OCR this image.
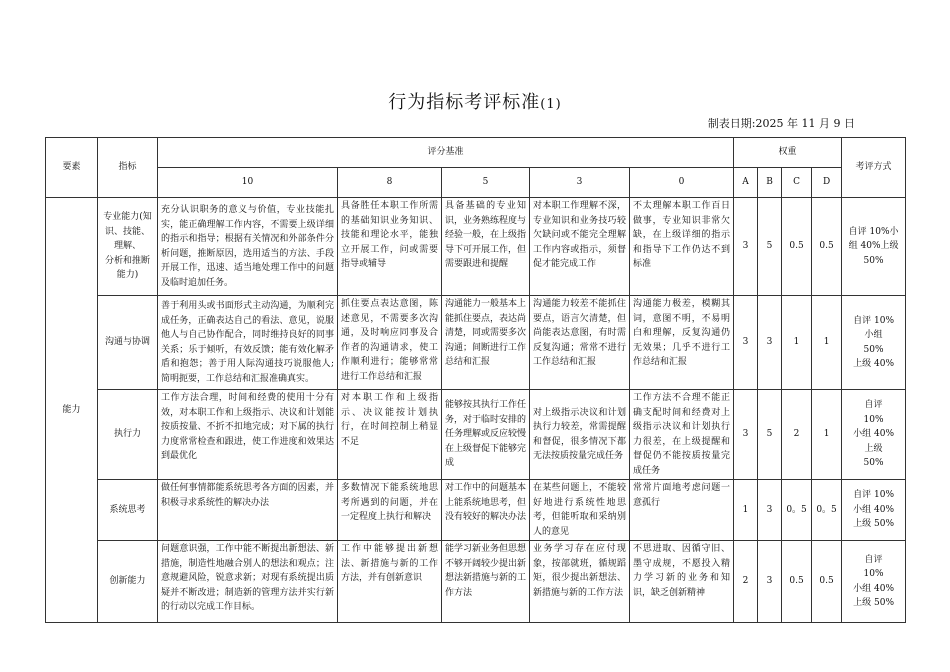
行为指标考评标准(1)
制表日期:2025 年 11 月 9 日
要素	指标	评分基准					权重				考评方式
		10	8	5	3	0	A	B	C	D	
能力	专业能力(知识、技能、理解、
分析和推断能力)	充分认识职务的意义与价值，专业技能扎实，能正确理解工作内容，不需要上级详细的指示和指导；根据有关情况和外部条件分析问题，推断原因，选用适当的方法、手段开展工作，迅速、适当地处理工作中的问题及临时追加任务。	具备胜任本职工作所需的基础知识业务知识、技能和理论水平，能独立开展工作，问或需要指导或辅导	具备基础的专业知识，业务熟练程度与经验一般，在上级指导下可开展工作，但需要跟进和提醒	对本职工作理解不深，专业知识和业务技巧较欠缺问或不能完全理解工作内容或指示，须督促才能完成工作	不太理解本职工作百日做事，专业知识非常欠缺，在上级详细的指示和指导下工作仍达不到标准	3	5	0.5	0.5	自评 10%小组 40%上级 50%
	沟通与协调	善于利用头或书面形式主动沟通，为顺利完成任务，正确表达自己的看法、意见，说服他人与自己协作配合，同时维持良好的同事关系；乐于倾听，有效反馈；能有效化解矛盾和抱怨；善于用人际沟通技巧说服他人;简明扼要，工作总结和汇报准确真实。	抓住要点表达意图，陈述意见，不需要多次沟通，及时响应同事及合作者的沟通请求，使工作顺利进行；能够常常进行工作总结和汇报	沟通能力一般基本上能抓住要点，表达尚清楚，同或需要多次沟通；间断进行工作总结和汇报	沟通能力较差不能抓住要点，语言欠清楚，但尚能表达意图，有时需反复沟通；常常不进行工作总结和汇报	沟通能力极差，模糊其词，意图不明，不易明白和理解，反复沟通仍无效果；几乎不进行工作总结和汇报	3	3	1	1	自评 10%
小组
50%
上级 40%
	执行力	工作方法合理，时间和经费的使用十分有效，对本职工作和上级指示、决议和计划能按质按量、不折不扣地完成；对下属的执行力度常常检查和跟进，使工作进度和效果达到最优化	对本职工作和上级指示、决议能按计划执行，在时间控制上稍显不足	能够按其执行工作任务，对于临时安排的任务理解或反应较慢在上级督促下能够完成	对上级指示决议和计划执行力较差，常需提醒和督促，很多情况下都无法按质按量完成任务	工作方法不合理不能正确支配时间和经费对上级指示决议和计划执行力很差，在上级提醒和督促仍不能按质按量完成任务	3	5	2	1	自评
10%
小组 40%
上级
50%
	系统思考	做任何事情都能系统思考各方面的因素，并积极寻求系统性的解决办法	多数情况下能系统地思考所遇到的问题，并在一定程度上执行和解决	对工作中的问题基本上能系统地思考，但没有较好的解决办法	在某些问题上，不能较好地进行系统性地思考，但能听取和采纳别人的意见	常常片面地考虑问题一意孤行	1	3	0。5	0。5	自评 10%
小组 40%
上级 50%
	创新能力	问题意识强，工作中能不断提出新想法、新措施，制造性地融合别人的想法和观点；注意规避风险，锐意求新；对现有系统提出质疑并不断改进；制造新的管理方法并实行新的行动以完成工作目标。	工作中能够提出新想法、新措施与新的工作方法，并有创新意识	能学习新业务但思想不够开阔较少提出新想法新措施与新的工作方法	业务学习存在应付现象，按部就班，循规蹈矩，很少提出新想法、新措施与新的工作方法	不思进取、因循守旧、墨守成规，不愿投入精力学习新的业务和知识，缺乏创新精神	2	3	0.5	0.5	自评
10%
小组 40%
上级 50%
